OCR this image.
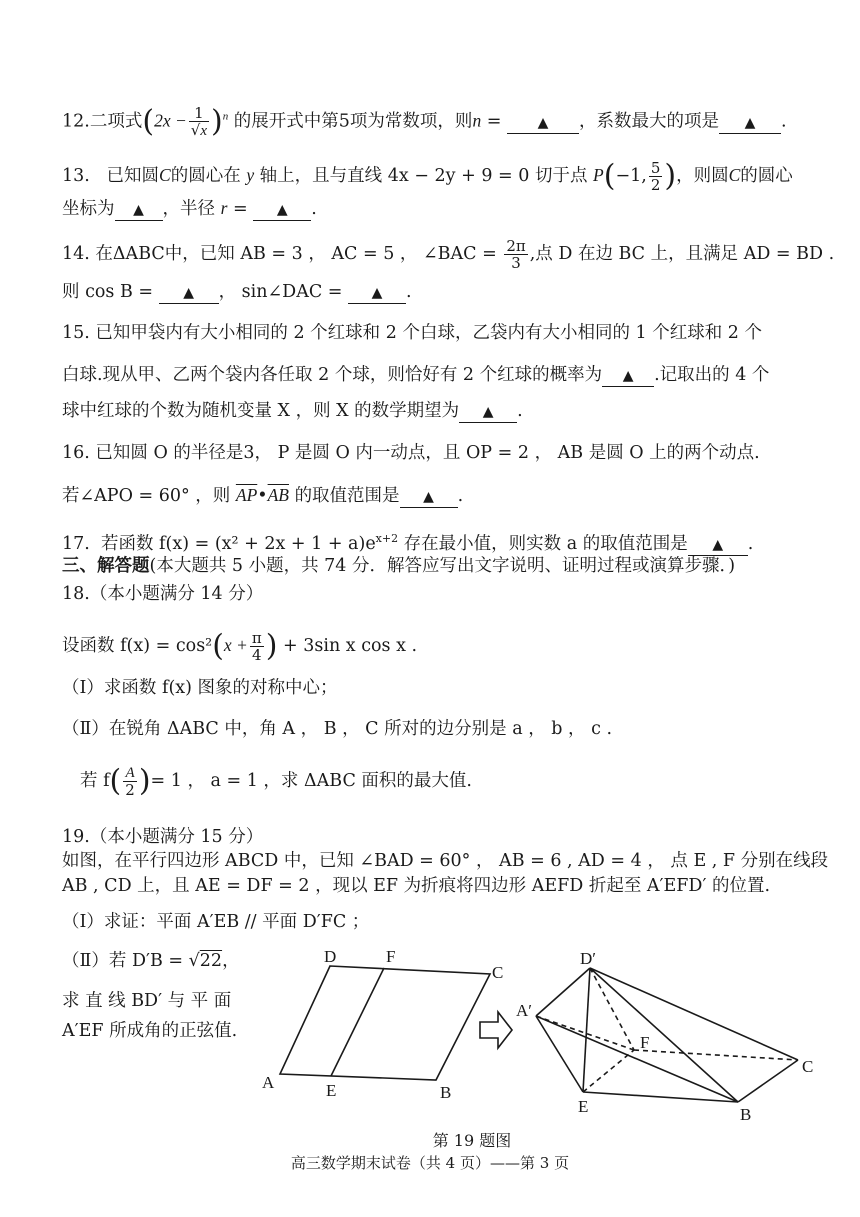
12.二项式$(2x - \frac{1}{√x} )^n$ 的展开式中第5项为常数项，则n = ▲ ，系数最大的项是 ▲ .
13. 已知圆C的圆心在 y 轴上，且与直线 4x − 2y + 9 = 0 切于点 P(−1, $\frac{5}{2}$ )，则圆C的圆心
坐标为 ▲ ，半径 r = ▲ .
14. 在ΔABC中，已知 AB = 3 ， AC = 5 ， ∠BAC = $\frac{2\pi}{3}$ ,点 D 在边 BC 上，且满足 AD = BD .
则 cos B = ▲ ， sin∠DAC = ▲ .
15. 已知甲袋内有大小相同的 2 个红球和 2 个白球，乙袋内有大小相同的 1 个红球和 2 个
白球.现从甲、乙两个袋内各任取 2 个球，则恰好有 2 个红球的概率为 ▲ .记取出的 4 个
球中红球的个数为随机变量 X ，则 X 的数学期望为 ▲ .
16. 已知圆 O 的半径是3， P 是圆 O 内一动点，且 OP = 2 ， AB 是圆 O 上的两个动点.
若∠APO = 60° ，则 $\overline{AP}•\overline{AB}$ 的取值范围是 ▲ .
17. 若函数 $f(x) = (x^2 + 2x + 1 + a)e^{x+2}$ 存在最小值，则实数 a 的取值范围是 ▲ .
三、解答题(本大题共 5 小题，共 74 分．解答应写出文字说明、证明过程或演算步骤．)
18.（本小题满分 14 分）
设函数 $f(x) = \cos^2(x + \frac{\pi}{4}$ ) + 3sin x cos x .
（Ⅰ）求函数 f(x) 图象的对称中心；
（Ⅱ）在锐角 ΔABC 中，角 A ， B ， C 所对的边分别是 a ， b ， c .
若 $f( \frac{A}{2}$ )= 1 ， a = 1 ，求 ΔABC 面积的最大值.
19.（本小题满分 15 分）
如图，在平行四边形 ABCD 中，已知 ∠BAD = 60° ， AB = 6 , AD = 4 ， 点 E , F 分别在线段
AB , CD 上，且 AE = DF = 2 ，现以 EF 为折痕将四边形 AEFD 折起至 A′EFD′ 的位置.
（Ⅰ）求证：平面 A′EB // 平面 D′FC ；
（Ⅱ）若 D′B = √22，
求 直 线 BD′ 与 平 面
A′EF 所成角的正弦值.
D	F
C
A	E	B
D′
A′
F
C
E	B
第 19 题图
高三数学期末试卷（共 4 页）——第 3 页
